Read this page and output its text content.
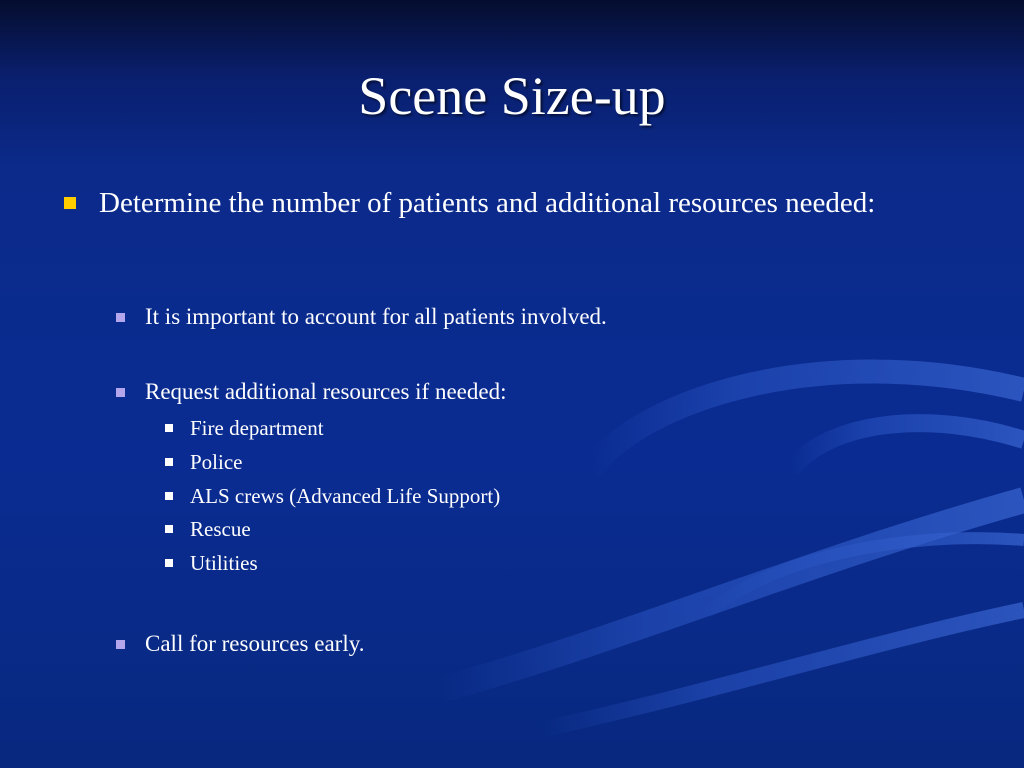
Scene Size-up
Determine the number of patients and additional resources needed:
It is important to account for all patients involved.
Request additional resources if needed:
Fire department
Police
ALS crews (Advanced Life Support)
Rescue
Utilities
Call for resources early.
